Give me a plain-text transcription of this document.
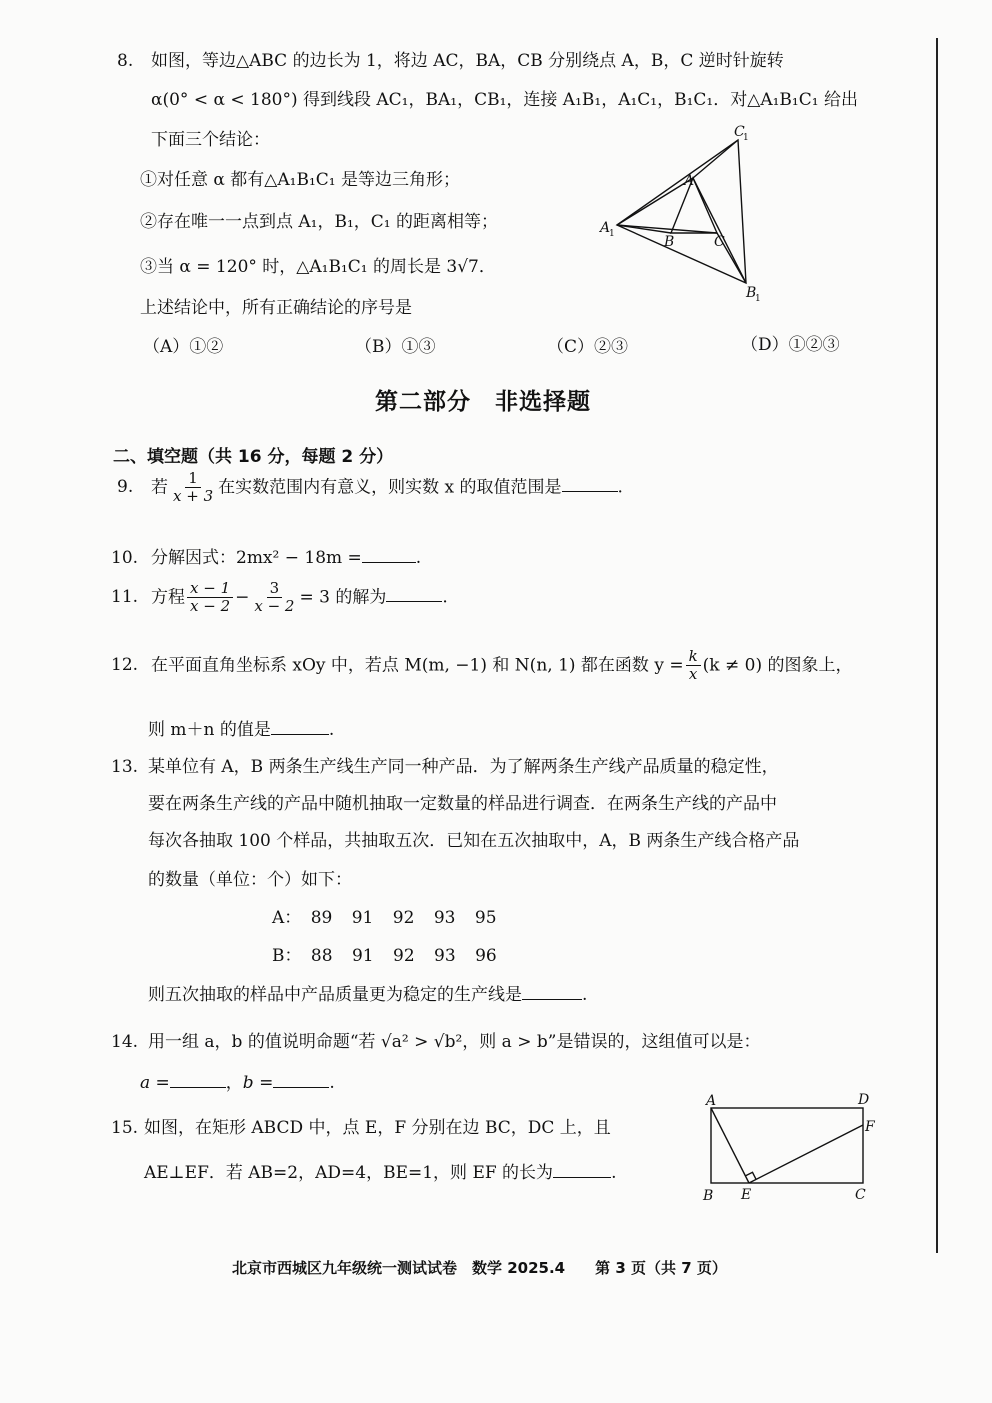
8. 如图，等边△ABC 的边长为 1，将边 AC，BA，CB 分别绕点 A，B，C 逆时针旋转
α(0° < α < 180°) 得到线段 AC₁，BA₁，CB₁，连接 A₁B₁，A₁C₁，B₁C₁．对△A₁B₁C₁ 给出
下面三个结论：
①对任意 α 都有△A₁B₁C₁ 是等边三角形；
②存在唯一一点到点 A₁，B₁，C₁ 的距离相等；
③当 α = 120° 时，△A₁B₁C₁ 的周长是 3√7．
上述结论中，所有正确结论的序号是
（A）①②	（B）①③	（C）②③	（D）①②③
A
B	C
A
1
B
1
C
1
第二部分　非选择题
二、填空题（共 16 分，每题 2 分）
9. 若 $\frac{1}{x + 3}$ 在实数范围内有意义，则实数 x 的取值范围是	.
10. 分解因式：2mx² − 18m =	.
11. 方程 $\frac{x - 1}{x - 2} - \frac{3}{x - 2} = 3$ 的解为	.
12. 在平面直角坐标系 xOy 中，若点 M(m, −1) 和 N(n, 1) 都在函数 $y = \frac{k}{x} (k \ne 0)$ 的图象上，
则 m＋n 的值是	.
13. 某单位有 A，B 两条生产线生产同一种产品．为了解两条生产线产品质量的稳定性，
要在两条生产线的产品中随机抽取一定数量的样品进行调查．在两条生产线的产品中
每次各抽取 100 个样品，共抽取五次．已知在五次抽取中，A，B 两条生产线合格产品
的数量（单位：个）如下：
A： 89 91 92 93 95
B： 88 91 92 93 96
则五次抽取的样品中产品质量更为稳定的生产线是	.
14. 用一组 a，b 的值说明命题“若 √a² > √b²，则 a > b”是错误的，这组值可以是：
a =	，b =	.
15. 如图，在矩形 ABCD 中，点 E，F 分别在边 BC，DC 上，且
AE⊥EF．若 AB=2，AD=4，BE=1，则 EF 的长为	.
A	D
F
B E	C
北京市西城区九年级统一测试试卷　数学 2025.4　　第 3 页（共 7 页）
